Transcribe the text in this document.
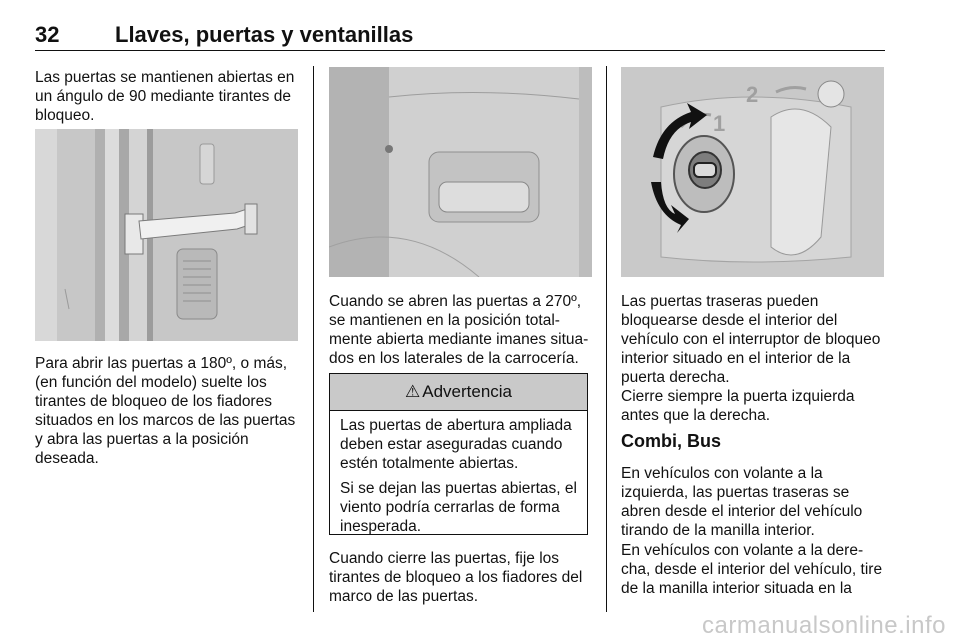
32	Llaves, puertas y ventanillas

Las puertas se mantienen abiertas en un ángulo de 90 mediante tirantes de bloqueo.

Para abrir las puertas a 180º, o más, (en función del modelo) suelte los tirantes de bloqueo de los fiadores situados en los marcos de las puertas y abra las puertas a la posición deseada.

Cuando se abren las puertas a 270º, se mantienen en la posición total-mente abierta mediante imanes situa-dos en los laterales de la carrocería.

⚠ Advertencia

Las puertas de abertura ampliada deben estar aseguradas cuando estén totalmente abiertas.

Si se dejan las puertas abiertas, el viento podría cerrarlas de forma inesperada.

Cuando cierre las puertas, fije los tirantes de bloqueo a los fiadores del marco de las puertas.

2
1

Las puertas traseras pueden bloquearse desde el interior del vehículo con el interruptor de bloqueo interior situado en el interior de la puerta derecha.

Cierre siempre la puerta izquierda antes que la derecha.

Combi, Bus

En vehículos con volante a la izquierda, las puertas traseras se abren desde el interior del vehículo tirando de la manilla interior.

En vehículos con volante a la dere-cha, desde el interior del vehículo, tire de la manilla interior situada en la

carmanualsonline.info
